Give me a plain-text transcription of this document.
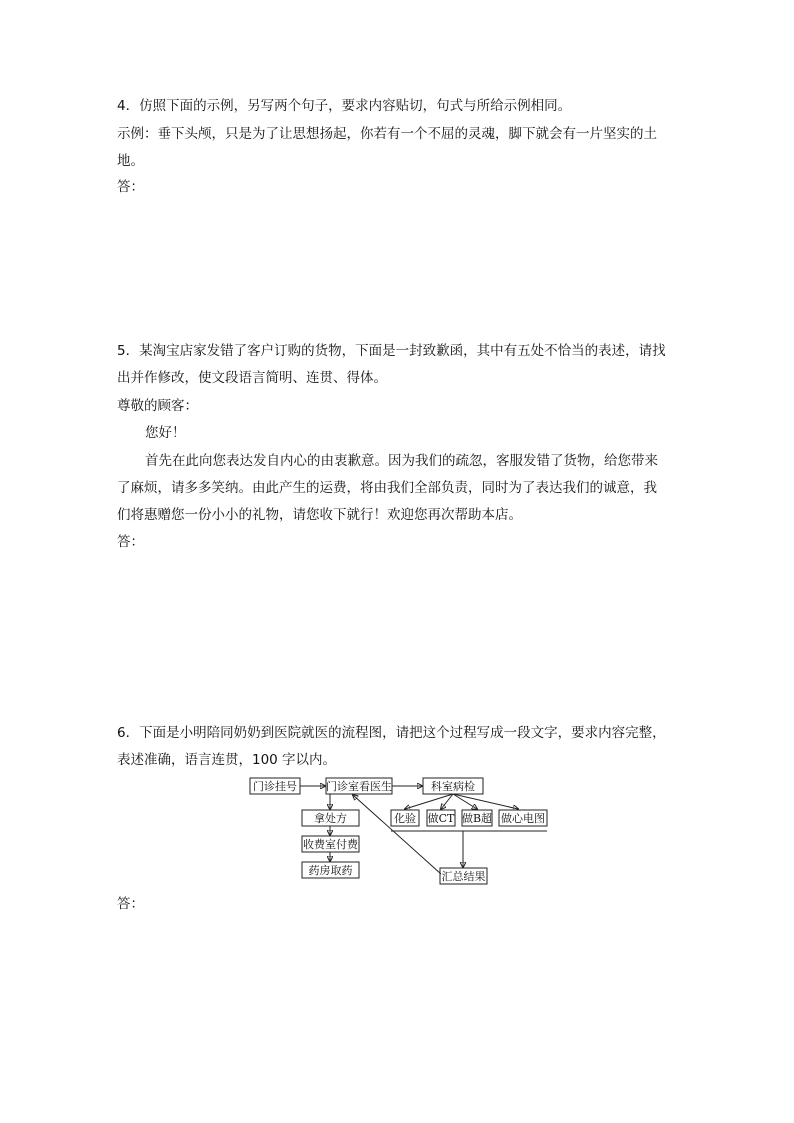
4．仿照下面的示例，另写两个句子，要求内容贴切，句式与所给示例相同。
示例：垂下头颅，只是为了让思想扬起，你若有一个不屈的灵魂，脚下就会有一片坚实的土
地。
答：
5．某淘宝店家发错了客户订购的货物，下面是一封致歉函，其中有五处不恰当的表述，请找
出并作修改，使文段语言简明、连贯、得体。
尊敬的顾客：
您好！
首先在此向您表达发自内心的由衷歉意。因为我们的疏忽，客服发错了货物，给您带来
了麻烦，请多多笑纳。由此产生的运费，将由我们全部负责，同时为了表达我们的诚意，我
们将惠赠您一份小小的礼物，请您收下就行！欢迎您再次帮助本店。
答：
6．下面是小明陪同奶奶到医院就医的流程图，请把这个过程写成一段文字，要求内容完整，
表述准确，语言连贯，100 字以内。
门诊挂号	门诊室看医生	科室病检
拿处方
收费室付费
药房取药
化验 做CT 做B超 做心电图
汇总结果
答：
